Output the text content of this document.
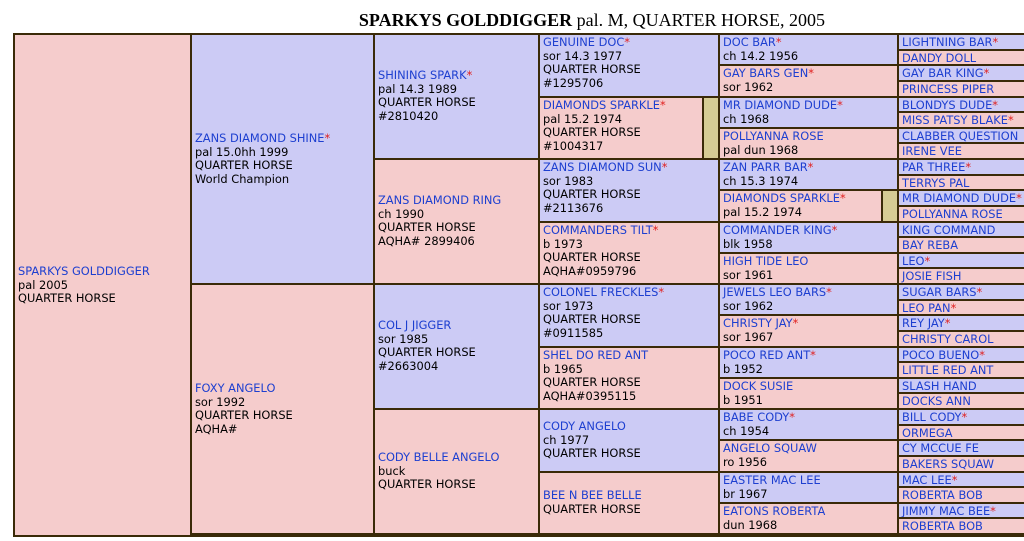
SPARKYS GOLDDIGGER pal. M, QUARTER HORSE, 2005
SPARKYS GOLDDIGGER
pal 2005
QUARTER HORSE
ZANS DIAMOND SHINE*
pal 15.0hh 1999
QUARTER HORSE
World Champion
FOXY ANGELO
sor 1992
QUARTER HORSE
AQHA#
SHINING SPARK*
pal 14.3 1989
QUARTER HORSE
#2810420
ZANS DIAMOND RING
ch 1990
QUARTER HORSE
AQHA# 2899406
COL J JIGGER
sor 1985
QUARTER HORSE
#2663004
CODY BELLE ANGELO
buck
QUARTER HORSE
GENUINE DOC*
sor 14.3 1977
QUARTER HORSE
#1295706
DIAMONDS SPARKLE*
pal 15.2 1974
QUARTER HORSE
#1004317
ZANS DIAMOND SUN*
sor 1983
QUARTER HORSE
#2113676
COMMANDERS TILT*
b 1973
QUARTER HORSE
AQHA#0959796
COLONEL FRECKLES*
sor 1973
QUARTER HORSE
#0911585
SHEL DO RED ANT
b 1965
QUARTER HORSE
AQHA#0395115
CODY ANGELO
ch 1977
QUARTER HORSE
BEE N BEE BELLE
QUARTER HORSE
DOC BAR*
ch 14.2 1956
GAY BARS GEN*
sor 1962
MR DIAMOND DUDE*
ch 1968
POLLYANNA ROSE
pal dun 1968
ZAN PARR BAR*
ch 15.3 1974
DIAMONDS SPARKLE*
pal 15.2 1974
COMMANDER KING*
blk 1958
HIGH TIDE LEO
sor 1961
JEWELS LEO BARS*
sor 1962
CHRISTY JAY*
sor 1967
POCO RED ANT*
b 1952
DOCK SUSIE
b 1951
BABE CODY*
ch 1954
ANGELO SQUAW
ro 1956
EASTER MAC LEE
br 1967
EATONS ROBERTA
dun 1968
LIGHTNING BAR*
DANDY DOLL
GAY BAR KING*
PRINCESS PIPER
BLONDYS DUDE*
MISS PATSY BLAKE*
CLABBER QUESTION
IRENE VEE
PAR THREE*
TERRYS PAL
MR DIAMOND DUDE*
POLLYANNA ROSE
KING COMMAND
BAY REBA
LEO*
JOSIE FISH
SUGAR BARS*
LEO PAN*
REY JAY*
CHRISTY CAROL
POCO BUENO*
LITTLE RED ANT
SLASH HAND
DOCKS ANN
BILL CODY*
ORMEGA
CY MCCUE FE
BAKERS SQUAW
MAC LEE*
ROBERTA BOB
JIMMY MAC BEE*
ROBERTA BOB
